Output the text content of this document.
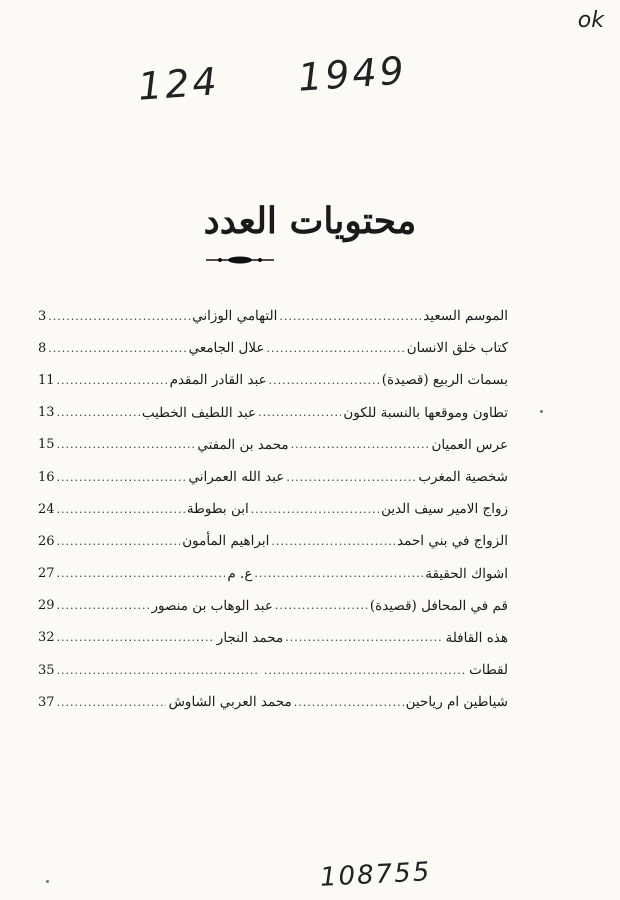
ok
124 1949
محتويات العدد
الموسم السعيد
.....
التهامي الوزاني
.....
3
كتاب خلق الانسان
.....
علال الجامعي
.....
8
بسمات الربيع (قصيدة)
.....
عبد القادر المقدم
.....
11
تطاون وموقعها بالنسبة للكون
.....
عبد اللطيف الخطيب
.....
13
عرس العميان
.....
محمد بن المفتي
.....
15
شخصية المغرب
.....
عبد الله العمراني
.....
16
زواج الامير سيف الدين
.....
ابن بطوطة
.....
24
الزواج في بني احمد
.....
ابراهيم المأمون
.....
26
اشواك الحقيقة
.....
ع. م
.....
27
قم في المحافل (قصيدة)
.....
عبد الوهاب بن منصور
.....
29
هذه القافلة
.....
محمد النجار
.....
32
لقطات
.....
.....
35
شياطين ام رياحين
.....
محمد العربي الشاوش
.....
37
108755
